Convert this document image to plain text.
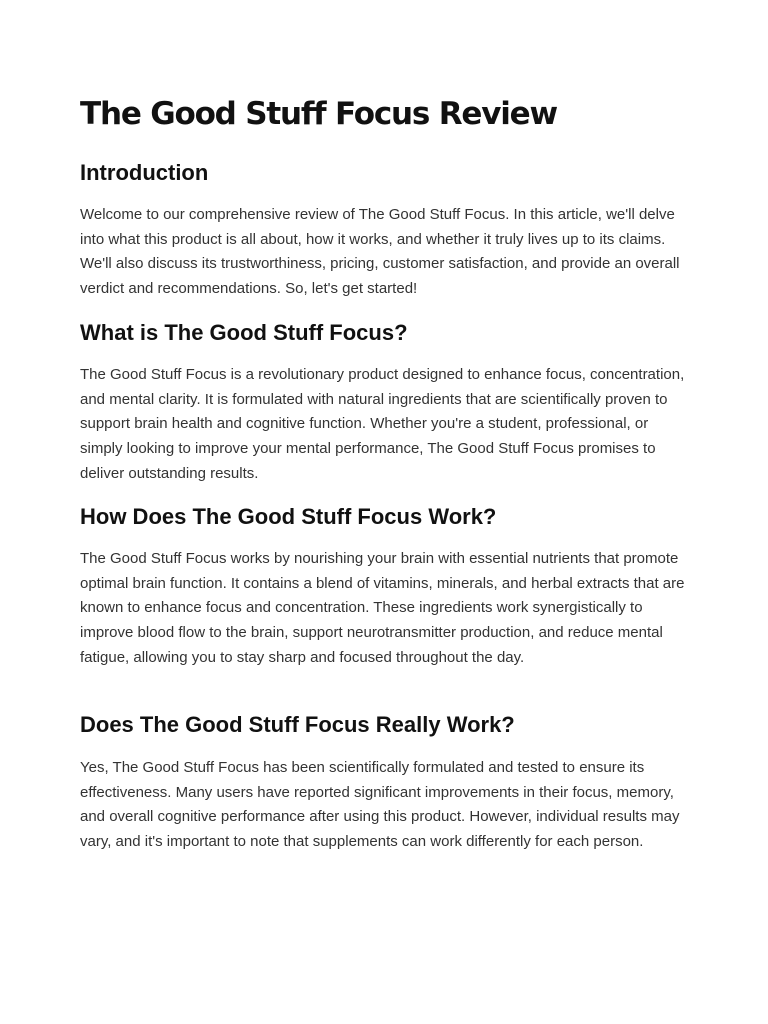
The Good Stuff Focus Review
Introduction

Welcome to our comprehensive review of The Good Stuff Focus. In this article, we'll delve into what this product is all about, how it works, and whether it truly lives up to its claims. We'll also discuss its trustworthiness, pricing, customer satisfaction, and provide an overall verdict and recommendations. So, let's get started!

What is The Good Stuff Focus?

The Good Stuff Focus is a revolutionary product designed to enhance focus, concentration, and mental clarity. It is formulated with natural ingredients that are scientifically proven to support brain health and cognitive function. Whether you're a student, professional, or simply looking to improve your mental performance, The Good Stuff Focus promises to deliver outstanding results.

How Does The Good Stuff Focus Work?

The Good Stuff Focus works by nourishing your brain with essential nutrients that promote optimal brain function. It contains a blend of vitamins, minerals, and herbal extracts that are known to enhance focus and concentration. These ingredients work synergistically to improve blood flow to the brain, support neurotransmitter production, and reduce mental fatigue, allowing you to stay sharp and focused throughout the day.

Does The Good Stuff Focus Really Work?

Yes, The Good Stuff Focus has been scientifically formulated and tested to ensure its effectiveness. Many users have reported significant improvements in their focus, memory, and overall cognitive performance after using this product. However, individual results may vary, and it's important to note that supplements can work differently for each person.
